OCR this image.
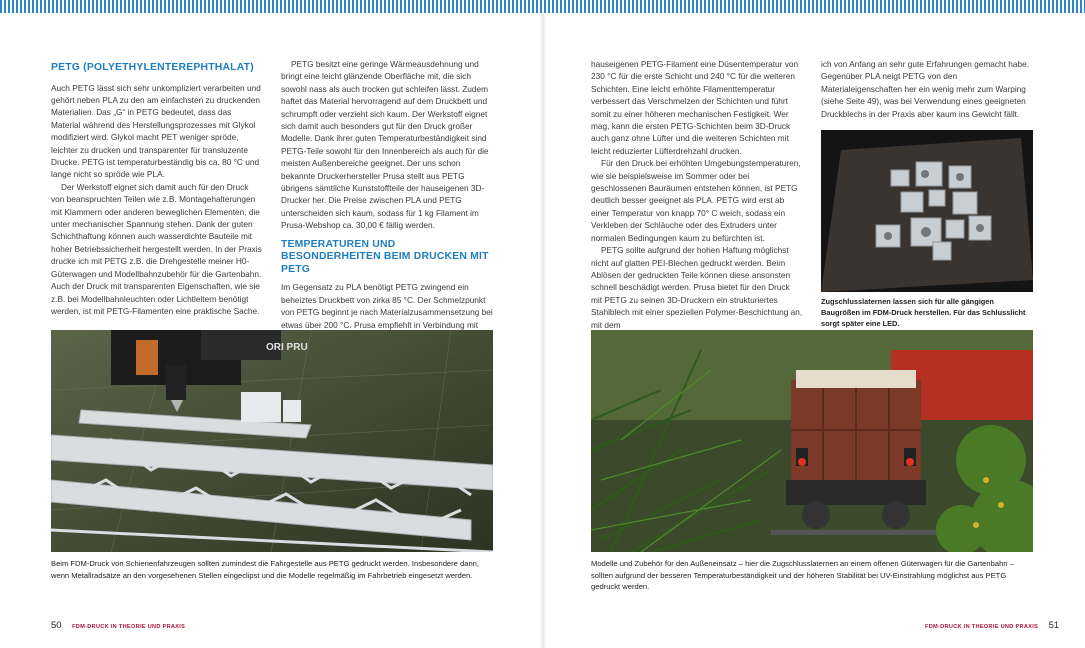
PETG (POLYETHYLENTEREPHTHALAT)

Auch PETG lässt sich sehr unkompliziert verarbeiten und gehört neben PLA zu den am einfachsten zu druckenden Materialien. Das „G“ in PETG bedeutet, dass das Material während des Herstellungsprozesses mit Glykol modifiziert wird. Glykol macht PET weniger spröde, leichter zu drucken und transparenter für transluzente Drucke. PETG ist temperaturbeständig bis ca. 80 °C und lange nicht so spröde wie PLA.

Der Werkstoff eignet sich damit auch für den Druck von beanspruchten Teilen wie z.B. Montagehalterungen mit Klammern oder anderen beweglichen Elementen, die unter mechanischer Spannung stehen. Dank der guten Schichthaftung können auch wasserdichte Bauteile mit hoher Betriebssicherheit hergestellt werden. In der Praxis drucke ich mit PETG z.B. die Drehgestelle meiner H0-Güterwagen und Modellbahnzubehör für die Gartenbahn. Auch der Druck mit transparenten Eigenschaften, wie sie z.B. bei Modellbahnleuchten oder Lichtleitern benötigt werden, ist mit PETG-Filamenten eine praktische Sache.

PETG besitzt eine geringe Wärmeausdehnung und bringt eine leicht glänzende Oberfläche mit, die sich sowohl nass als auch trocken gut schleifen lässt. Zudem haftet das Material hervorragend auf dem Druckbett und schrumpft oder verzieht sich kaum. Der Werkstoff eignet sich damit auch besonders gut für den Druck großer Modelle. Dank ihrer guten Temperaturbeständigkeit sind PETG-Teile sowohl für den Innenbereich als auch für die meisten Außenbereiche geeignet. Der uns schon bekannte Druckerhersteller Prusa stellt aus PETG übrigens sämtliche Kunststoffteile der hauseigenen 3D-Drucker her. Die Preise zwischen PLA und PETG unterscheiden sich kaum, sodass für 1 kg Filament im Prusa-Webshop ca. 30,00 € fällig werden.

TEMPERATUREN UND BESONDERHEITEN BEIM DRUCKEN MIT PETG

Im Gegensatz zu PLA benötigt PETG zwingend ein beheiztes Druckbett von zirka 85 °C. Der Schmelzpunkt von PETG beginnt je nach Materialzusammensetzung bei etwas über 200 °C. Prusa empfiehlt in Verbindung mit

ORI PRU
Beim FDM-Druck von Schienenfahrzeugen sollten zumindest die Fahrgestelle aus PETG gedruckt werden. Insbesondere dann, wenn Metallradsätze an den vorgesehenen Stellen eingeclipst und die Modelle regelmäßig im Fahrbetrieb eingesetzt werden.
50 FDM-DRUCK IN THEORIE UND PRAXIS

hauseigenen PETG-Filament eine Düsentemperatur von 230 °C für die erste Schicht und 240 °C für die weiteren Schichten. Eine leicht erhöhte Filamenttemperatur verbessert das Verschmelzen der Schichten und führt somit zu einer höheren mechanischen Festigkeit. Wer mag, kann die ersten PETG-Schichten beim 3D-Druck auch ganz ohne Lüfter und die weiteren Schichten mit leicht reduzierter Lüfterdrehzahl drucken.

Für den Druck bei erhöhten Umgebungstemperaturen, wie sie beispielsweise im Sommer oder bei geschlossenen Bauräumen entstehen können, ist PETG deutlich besser geeignet als PLA. PETG wird erst ab einer Temperatur von knapp 70° C weich, sodass ein Verkleben der Schläuche oder des Extruders unter normalen Bedingungen kaum zu befürchten ist.

PETG sollte aufgrund der hohen Haftung möglichst nicht auf glatten PEI-Blechen gedruckt werden. Beim Ablösen der gedruckten Teile können diese ansonsten schnell beschädigt werden. Prusa bietet für den Druck mit PETG zu seinen 3D-Druckern ein strukturiertes Stahlblech mit einer speziellen Polymer-Beschichtung an, mit dem

ich von Anfang an sehr gute Erfahrungen gemacht habe. Gegenüber PLA neigt PETG von den Materialeigenschaften her ein wenig mehr zum Warping (siehe Seite 49), was bei Verwendung eines geeigneten Druckblechs in der Praxis aber kaum ins Gewicht fällt.

Zugschlusslaternen lassen sich für alle gängigen Baugrößen im FDM-Druck herstellen. Für das Schlusslicht sorgt später eine LED.
Modelle und Zubehör für den Außeneinsatz – hier die Zugschlusslaternen an einem offenen Güterwagen für die Gartenbahn – sollten aufgrund der besseren Temperaturbeständigkeit und der höheren Stabilität bei UV-Einstrahlung möglichst aus PETG gedruckt werden.
FDM-DRUCK IN THEORIE UND PRAXIS 51
